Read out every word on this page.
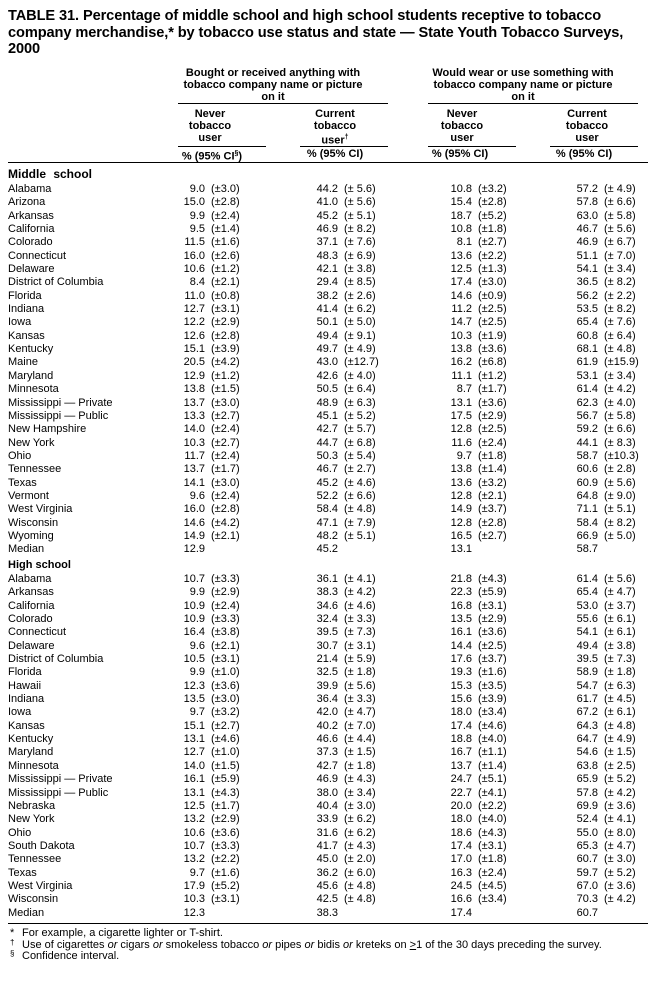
TABLE 31. Percentage of middle school and high school students receptive to tobacco company merchandise,* by tobacco use status and state — State Youth Tobacco Surveys, 2000
Bought or received anything with tobacco company name or picture on it
Would wear or use something with tobacco company name or picture on it
Never tobacco user
Current tobacco user†
Never tobacco user
Current tobacco user
% (95% CI§)	% (95% CI)	% (95% CI)	% (95% CI)
Middle school
Alabama	9.0	(±3.0)	44.2	(± 5.6)	10.8	(±3.2)	57.2	(± 4.9)
Arizona	15.0	(±2.8)	41.0	(± 5.6)	15.4	(±2.8)	57.8	(± 6.6)
Arkansas	9.9	(±2.4)	45.2	(± 5.1)	18.7	(±5.2)	63.0	(± 5.8)
California	9.5	(±1.4)	46.9	(± 8.2)	10.8	(±1.8)	46.7	(± 5.6)
Colorado	11.5	(±1.6)	37.1	(± 7.6)	8.1	(±2.7)	46.9	(± 6.7)
Connecticut	16.0	(±2.6)	48.3	(± 6.9)	13.6	(±2.2)	51.1	(± 7.0)
Delaware	10.6	(±1.2)	42.1	(± 3.8)	12.5	(±1.3)	54.1	(± 3.4)
District of Columbia	8.4	(±2.1)	29.4	(± 8.5)	17.4	(±3.0)	36.5	(± 8.2)
Florida	11.0	(±0.8)	38.2	(± 2.6)	14.6	(±0.9)	56.2	(± 2.2)
Indiana	12.7	(±3.1)	41.4	(± 6.2)	11.2	(±2.5)	53.5	(± 8.2)
Iowa	12.2	(±2.9)	50.1	(± 5.0)	14.7	(±2.5)	65.4	(± 7.6)
Kansas	12.6	(±2.8)	49.4	(± 9.1)	10.3	(±1.9)	60.8	(± 6.4)
Kentucky	15.1	(±3.9)	49.7	(± 4.9)	13.8	(±3.6)	68.1	(± 4.8)
Maine	20.5	(±4.2)	43.0	(±12.7)	16.2	(±6.8)	61.9	(±15.9)
Maryland	12.9	(±1.2)	42.6	(± 4.0)	11.1	(±1.2)	53.1	(± 3.4)
Minnesota	13.8	(±1.5)	50.5	(± 6.4)	8.7	(±1.7)	61.4	(± 4.2)
Mississippi — Private	13.7	(±3.0)	48.9	(± 6.3)	13.1	(±3.6)	62.3	(± 4.0)
Mississippi — Public	13.3	(±2.7)	45.1	(± 5.2)	17.5	(±2.9)	56.7	(± 5.8)
New Hampshire	14.0	(±2.4)	42.7	(± 5.7)	12.8	(±2.5)	59.2	(± 6.6)
New York	10.3	(±2.7)	44.7	(± 6.8)	11.6	(±2.4)	44.1	(± 8.3)
Ohio	11.7	(±2.4)	50.3	(± 5.4)	9.7	(±1.8)	58.7	(±10.3)
Tennessee	13.7	(±1.7)	46.7	(± 2.7)	13.8	(±1.4)	60.6	(± 2.8)
Texas	14.1	(±3.0)	45.2	(± 4.6)	13.6	(±3.2)	60.9	(± 5.6)
Vermont	9.6	(±2.4)	52.2	(± 6.6)	12.8	(±2.1)	64.8	(± 9.0)
West Virginia	16.0	(±2.8)	58.4	(± 4.8)	14.9	(±3.7)	71.1	(± 5.1)
Wisconsin	14.6	(±4.2)	47.1	(± 7.9)	12.8	(±2.8)	58.4	(± 8.2)
Wyoming	14.9	(±2.1)	48.2	(± 5.1)	16.5	(±2.7)	66.9	(± 5.0)
Median	12.9		45.2		13.1		58.7	
High school
Alabama	10.7	(±3.3)	36.1	(± 4.1)	21.8	(±4.3)	61.4	(± 5.6)
Arkansas	9.9	(±2.9)	38.3	(± 4.2)	22.3	(±5.9)	65.4	(± 4.7)
California	10.9	(±2.4)	34.6	(± 4.6)	16.8	(±3.1)	53.0	(± 3.7)
Colorado	10.9	(±3.3)	32.4	(± 3.3)	13.5	(±2.9)	55.6	(± 6.1)
Connecticut	16.4	(±3.8)	39.5	(± 7.3)	16.1	(±3.6)	54.1	(± 6.1)
Delaware	9.6	(±2.1)	30.7	(± 3.1)	14.4	(±2.5)	49.4	(± 3.8)
District of Columbia	10.5	(±3.1)	21.4	(± 5.9)	17.6	(±3.7)	39.5	(± 7.3)
Florida	9.9	(±1.0)	32.5	(± 1.8)	19.3	(±1.6)	58.9	(± 1.8)
Hawaii	12.3	(±3.6)	39.9	(± 5.6)	15.3	(±3.5)	54.7	(± 6.3)
Indiana	13.5	(±3.0)	36.4	(± 3.3)	15.6	(±3.9)	61.7	(± 4.5)
Iowa	9.7	(±3.2)	42.0	(± 4.7)	18.0	(±3.4)	67.2	(± 6.1)
Kansas	15.1	(±2.7)	40.2	(± 7.0)	17.4	(±4.6)	64.3	(± 4.8)
Kentucky	13.1	(±4.6)	46.6	(± 4.4)	18.8	(±4.0)	64.7	(± 4.9)
Maryland	12.7	(±1.0)	37.3	(± 1.5)	16.7	(±1.1)	54.6	(± 1.5)
Minnesota	14.0	(±1.5)	42.7	(± 1.8)	13.7	(±1.4)	63.8	(± 2.5)
Mississippi — Private	16.1	(±5.9)	46.9	(± 4.3)	24.7	(±5.1)	65.9	(± 5.2)
Mississippi — Public	13.1	(±4.3)	38.0	(± 3.4)	22.7	(±4.1)	57.8	(± 4.2)
Nebraska	12.5	(±1.7)	40.4	(± 3.0)	20.0	(±2.2)	69.9	(± 3.6)
New York	13.2	(±2.9)	33.9	(± 6.2)	18.0	(±4.0)	52.4	(± 4.1)
Ohio	10.6	(±3.6)	31.6	(± 6.2)	18.6	(±4.3)	55.0	(± 8.0)
South Dakota	10.7	(±3.3)	41.7	(± 4.3)	17.4	(±3.1)	65.3	(± 4.7)
Tennessee	13.2	(±2.2)	45.0	(± 2.0)	17.0	(±1.8)	60.7	(± 3.0)
Texas	9.7	(±1.6)	36.2	(± 6.0)	16.3	(±2.4)	59.7	(± 5.2)
West Virginia	17.9	(±5.2)	45.6	(± 4.8)	24.5	(±4.5)	67.0	(± 3.6)
Wisconsin	10.3	(±3.1)	42.5	(± 4.8)	16.6	(±3.4)	70.3	(± 4.2)
Median	12.3		38.3		17.4		60.7	
* For example, a cigarette lighter or T-shirt.
† Use of cigarettes or cigars or smokeless tobacco or pipes or bidis or kreteks on >1 of the 30 days preceding the survey.
§ Confidence interval.
